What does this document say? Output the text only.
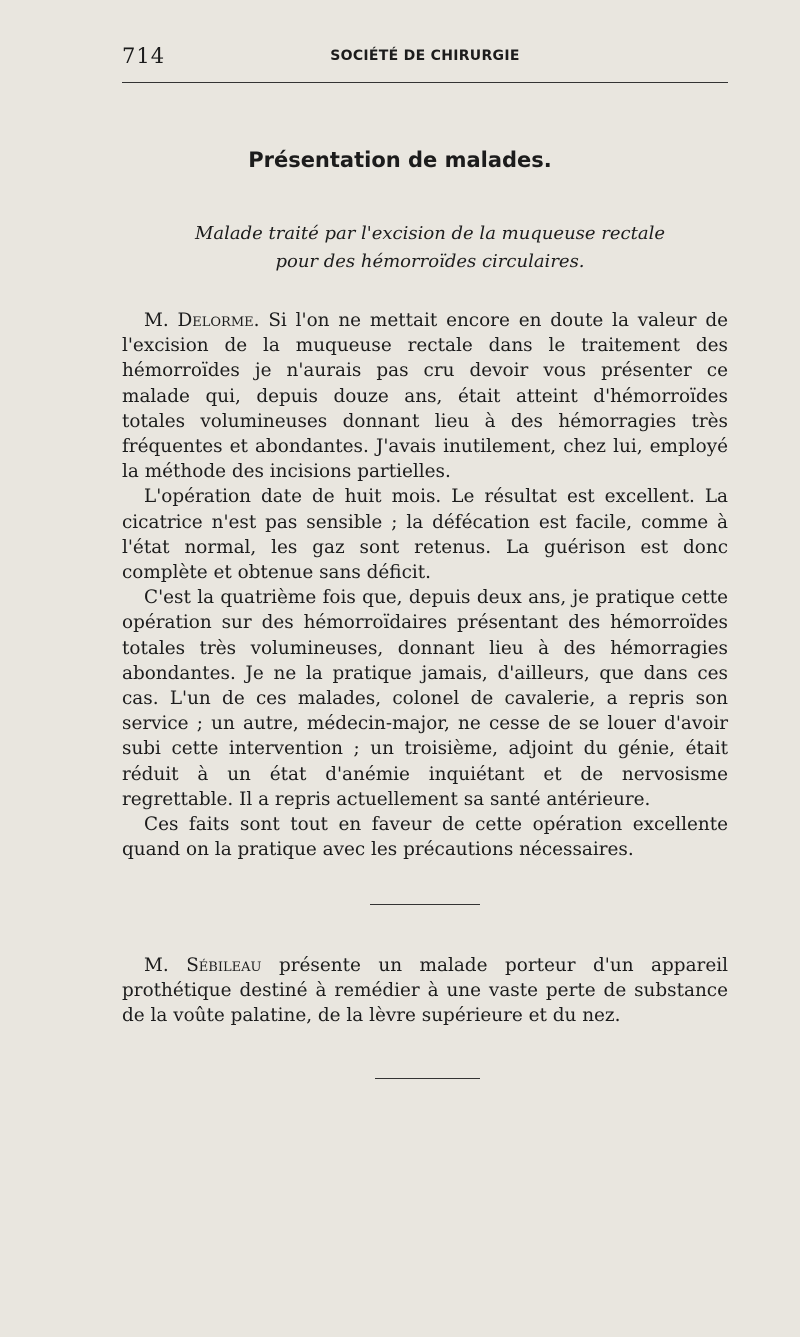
714	SOCIÉTÉ DE CHIRURGIE
Présentation de malades.
Malade traité par l'excision de la muqueuse rectale
pour des hémorroïdes circulaires.

M. Delorme. Si l'on ne mettait encore en doute la valeur de l'excision de la muqueuse rectale dans le traitement des hémorroïdes je n'aurais pas cru devoir vous présenter ce malade qui, depuis douze ans, était atteint d'hémorroïdes totales volumineuses donnant lieu à des hémorragies très fréquentes et abondantes. J'avais inutilement, chez lui, employé la méthode des incisions partielles.

L'opération date de huit mois. Le résultat est excellent. La cicatrice n'est pas sensible ; la défécation est facile, comme à l'état normal, les gaz sont retenus. La guérison est donc complète et obtenue sans déficit.

C'est la quatrième fois que, depuis deux ans, je pratique cette opération sur des hémorroïdaires présentant des hémorroïdes totales très volumineuses, donnant lieu à des hémorragies abondantes. Je ne la pratique jamais, d'ailleurs, que dans ces cas. L'un de ces malades, colonel de cavalerie, a repris son service ; un autre, médecin-major, ne cesse de se louer d'avoir subi cette intervention ; un troisième, adjoint du génie, était réduit à un état d'anémie inquiétant et de nervosisme regrettable. Il a repris actuellement sa santé antérieure.

Ces faits sont tout en faveur de cette opération excellente quand on la pratique avec les précautions nécessaires.

M. Sébileau présente un malade porteur d'un appareil prothétique destiné à remédier à une vaste perte de substance de la voûte palatine, de la lèvre supérieure et du nez.
